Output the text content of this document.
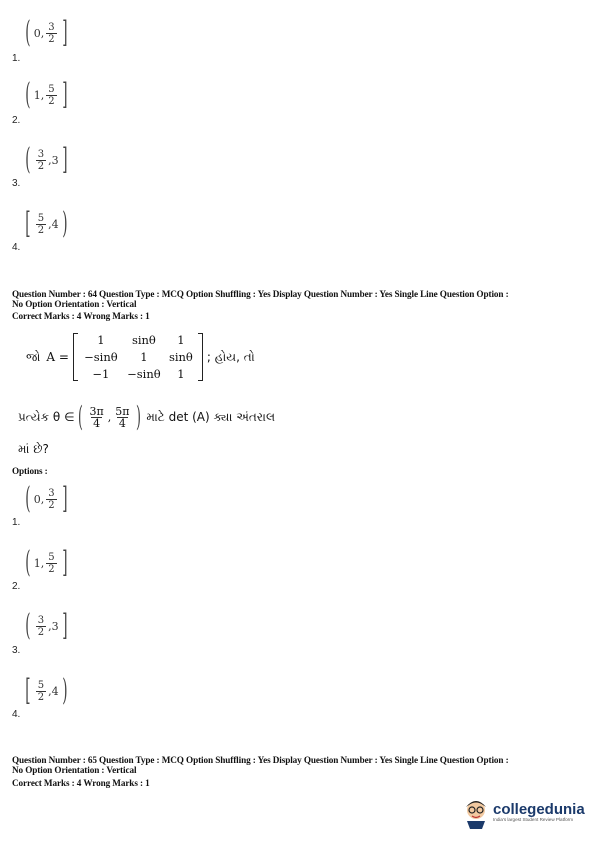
( 0, 3
2 ]
1.
( 1, 5
2 ]
2.
( 3
2 ,3 ]
3.
[ 5
2 ,4 )
4.
Question Number : 64 Question Type : MCQ Option Shuffling : Yes Display Question Number : Yes Single Line Question Option :
No Option Orientation : Vertical
Correct Marks : 4 Wrong Marks : 1
જો A =
1	sinθ	1
−sinθ	1	sinθ
−1	−sinθ	1
; હોય, તો
પ્રત્યેક θ ∈ ( 3π
4 , 5π
4 ) માટે det (A) ક્યા અંતરાલ
માં છે?
Options :
( 0, 3
2 ]
1.
( 1, 5
2 ]
2.
( 3
2 ,3 ]
3.
[ 5
2 ,4 )
4.
Question Number : 65 Question Type : MCQ Option Shuffling : Yes Display Question Number : Yes Single Line Question Option :
No Option Orientation : Vertical
Correct Marks : 4 Wrong Marks : 1
collegedunia
India's largest Student Review Platform
